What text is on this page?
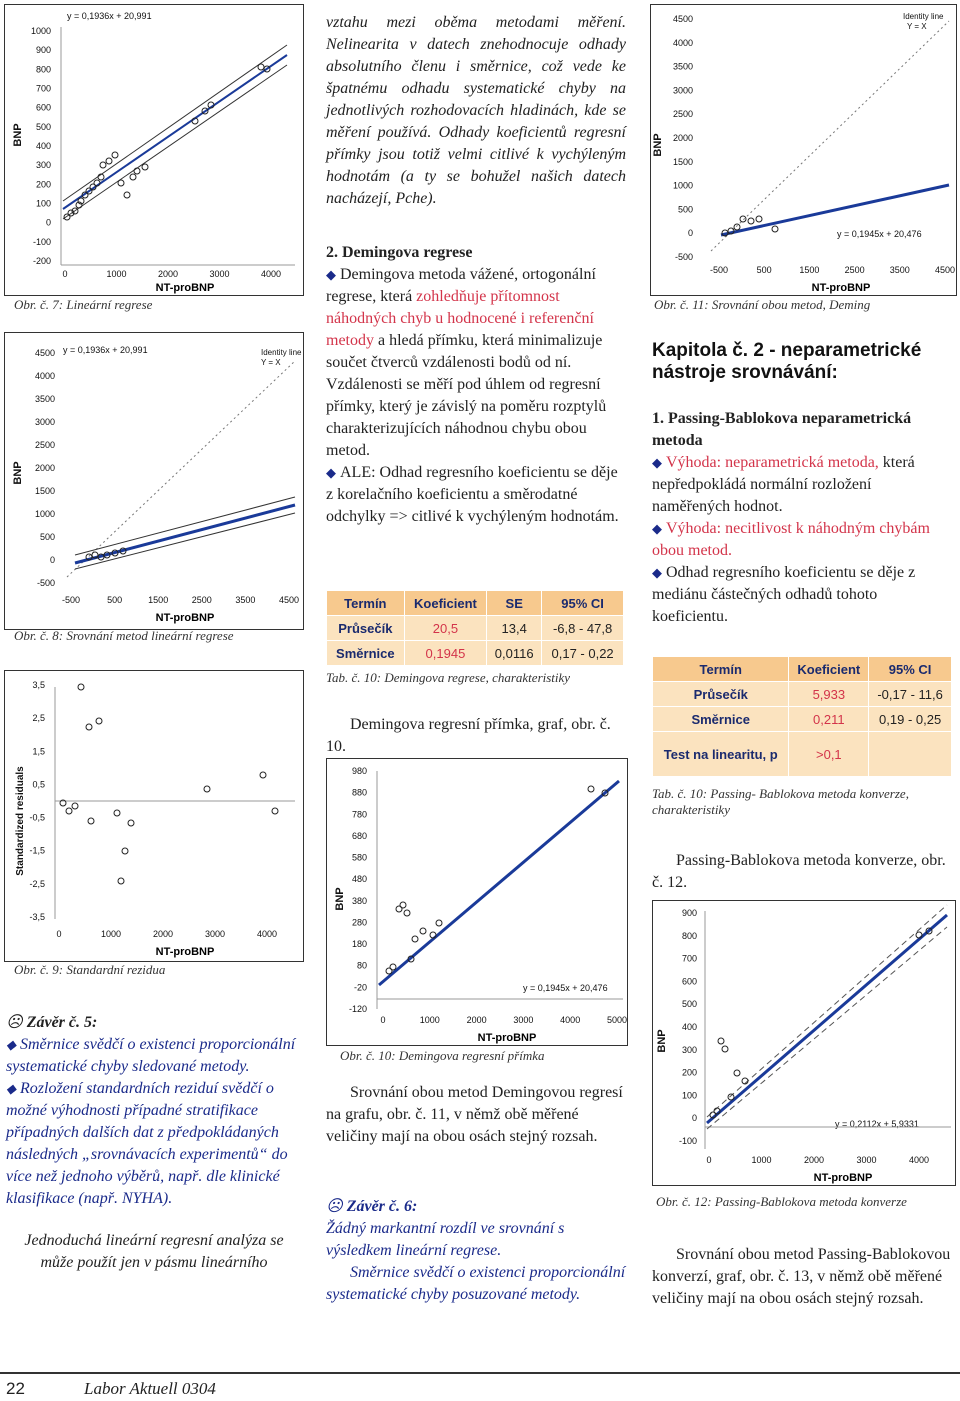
y = 0,1936x + 20,991
BNP
1000
900
800
700
600
500
400
300
200
100
0
-100
-200
0	1000	2000	3000	4000
NT-proBNP
Obr. č. 7: Lineární regrese
y = 0,1936x + 20,991	Identity line
Y = X
BNP
4500
4000
3500
3000
2500
2000
1500
1000
500
0
-500
-500	500	1500	2500	3500	4500
NT-proBNP
Obr. č. 8: Srovnání metod lineární regrese
Standardized residuals
3,5
2,5
1,5
0,5
-0,5
-1,5
-2,5
-3,5
0	1000	2000	3000	4000
NT-proBNP
Obr. č. 9: Standardní rezidua

☹ Závěr č. 5:

◆ Směrnice svědčí o existenci proporcionální systematické chyby sledované metody.

◆ Rozložení standardních reziduí svědčí o možné výhodnosti případné stratifikace případných dalších dat z předpokládaných následných „srovnávacích experimentů“ do více než jednoho výběrů, např. dle klinické klasifikace (např. NYHA).

Jednoduchá lineární regresní analýza se může použít jen v pásmu lineárního

vztahu mezi oběma metodami měření. Nelinearita v datech znehodnocuje odhady absolutního členu i směrnice, což vede ke špatnému odhadu systematické chyby na jednotlivých rozhodovacích hladinách, kde se měření používá. Odhady koeficientů regresní přímky jsou totiž velmi citlivé k vychýleným hodnotám (a ty se bohužel našich datech nacházejí, Pche).

2. Demingova regrese

◆ Demingova metoda vážené, ortogonální regrese, která zohledňuje přítomnost náhodných chyb u hodnocené i referenční metody a hledá přímku, která minimalizuje součet čtverců vzdálenosti bodů od ní. Vzdálenosti se měří pod úhlem od regresní přímky, který je závislý na poměru rozptylů charakterizujících náhodnou chybu obou metod.

◆ ALE: Odhad regresního koeficientu se děje z korelačního koeficientu a směrodatné odchylky => citlivé k vychýleným hodnotám.

Termín	Koeficient	SE	95% CI
Průsečík	20,5	13,4	-6,8 - 47,8
Směrnice	0,1945	0,0116	0,17 - 0,22
Tab. č. 10: Demingova regrese, charakteristiky

Demingova regresní přímka, graf, obr. č. 10.

BNP
980
880
780
680
580
480
380
280
180
80
-20
-120
0	1000	2000	3000	4000	5000
NT-proBNP
y = 0,1945x + 20,476
Obr. č. 10: Demingova regresní přímka

Srovnání obou metod Demingovou regresí na grafu, obr. č. 11, v němž obě měřené veličiny mají na obou osách stejný rozsah.

☹ Závěr č. 6:

Žádný markantní rozdíl ve srovnání s výsledkem lineární regrese.

Směrnice svědčí o existenci proporcionální systematické chyby posuzované metody.

Identity line
Y = X
BNP
4500
4000
3500
3000
2500
2000
1500
1000
500
0
-500
-500	500	1500	2500	3500	4500
NT-proBNP
y = 0,1945x + 20,476
Obr. č. 11: Srovnání obou metod, Deming
Kapitola č. 2 - neparametrické nástroje srovnávání:

1. Passing-Bablokova neparametrická metoda

◆ Výhoda: neparametrická metoda, která nepředpokládá normální rozložení naměřených hodnot.

◆ Výhoda: necitlivost k náhodným chybám obou metod.

◆ Odhad regresního koeficientu se děje z mediánu částečných odhadů tohoto koeficientu.

Termín	Koeficient	95% CI
Průsečík	5,933	-0,17 - 11,6
Směrnice	0,211	0,19 - 0,25
Test na linearitu, p	>0,1	
Tab. č. 10: Passing- Bablokova metoda konverze, charakteristiky

Passing-Bablokova metoda konverze, obr. č. 12.

BNP
900
800
700
600
500
400
300
200
100
0
-100
0	1000	2000	3000	4000
NT-proBNP
y = 0,2112x + 5,9331
Obr. č. 12: Passing-Bablokova metoda konverze

Srovnání obou metod Passing-Bablokovou konverzí, graf, obr. č. 13, v němž obě měřené veličiny mají na obou osách stejný rozsah.

22	Labor Aktuell 0304
